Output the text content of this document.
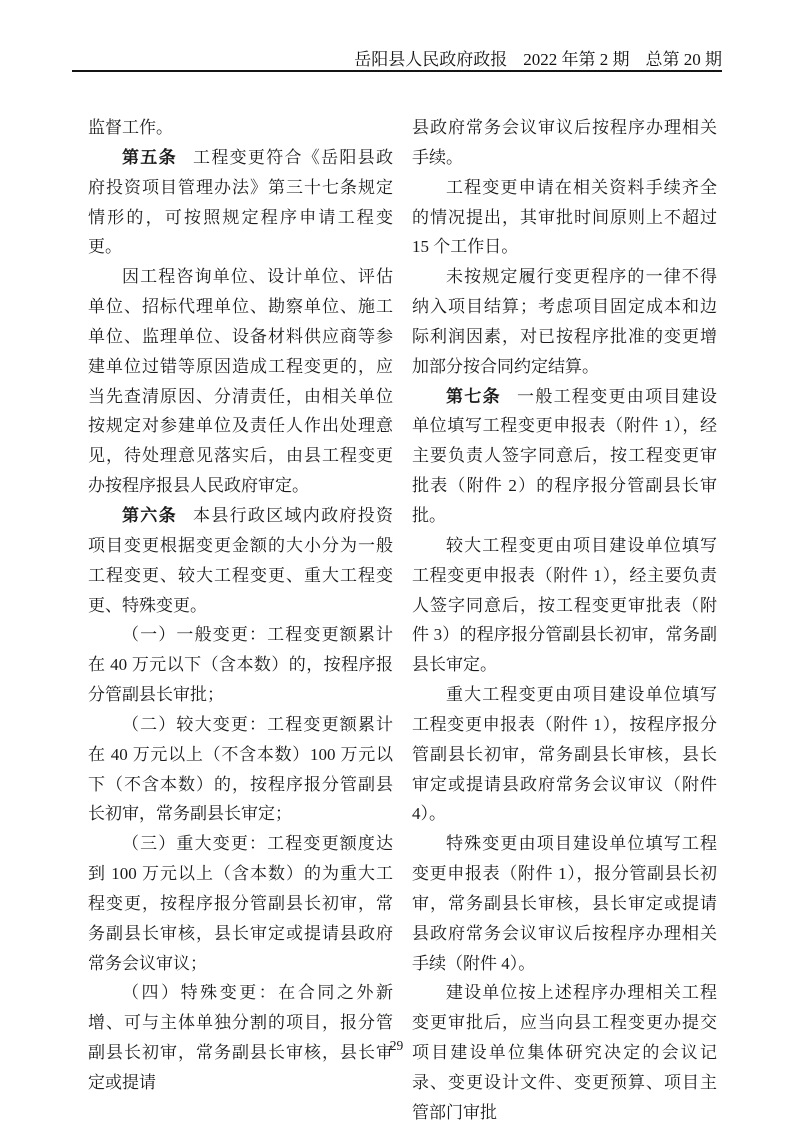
岳阳县人民政府政报 2022 年第 2 期 总第 20 期

监督工作。

第五条 工程变更符合《岳阳县政府投资项目管理办法》第三十七条规定情形的，可按照规定程序申请工程变更。

因工程咨询单位、设计单位、评估单位、招标代理单位、勘察单位、施工单位、监理单位、设备材料供应商等参建单位过错等原因造成工程变更的，应当先查清原因、分清责任，由相关单位按规定对参建单位及责任人作出处理意见，待处理意见落实后，由县工程变更办按程序报县人民政府审定。

第六条 本县行政区域内政府投资项目变更根据变更金额的大小分为一般工程变更、较大工程变更、重大工程变更、特殊变更。

（一）一般变更：工程变更额累计在 40 万元以下（含本数）的，按程序报分管副县长审批；

（二）较大变更：工程变更额累计在 40 万元以上（不含本数）100 万元以下（不含本数）的，按程序报分管副县长初审，常务副县长审定；

（三）重大变更：工程变更额度达到 100 万元以上（含本数）的为重大工程变更，按程序报分管副县长初审，常务副县长审核，县长审定或提请县政府常务会议审议；

（四）特殊变更：在合同之外新增、可与主体单独分割的项目，报分管副县长初审，常务副县长审核，县长审定或提请

县政府常务会议审议后按程序办理相关手续。

工程变更申请在相关资料手续齐全的情况提出，其审批时间原则上不超过 15 个工作日。

未按规定履行变更程序的一律不得纳入项目结算；考虑项目固定成本和边际利润因素，对已按程序批准的变更增加部分按合同约定结算。

第七条 一般工程变更由项目建设单位填写工程变更申报表（附件 1），经主要负责人签字同意后，按工程变更审批表（附件 2）的程序报分管副县长审批。

较大工程变更由项目建设单位填写工程变更申报表（附件 1），经主要负责人签字同意后，按工程变更审批表（附件 3）的程序报分管副县长初审，常务副县长审定。

重大工程变更由项目建设单位填写工程变更申报表（附件 1），按程序报分管副县长初审，常务副县长审核，县长审定或提请县政府常务会议审议（附件 4）。

特殊变更由项目建设单位填写工程变更申报表（附件 1），报分管副县长初审，常务副县长审核，县长审定或提请县政府常务会议审议后按程序办理相关手续（附件 4）。

建设单位按上述程序办理相关工程变更审批后，应当向县工程变更办提交项目建设单位集体研究决定的会议记录、变更设计文件、变更预算、项目主管部门审批

29
